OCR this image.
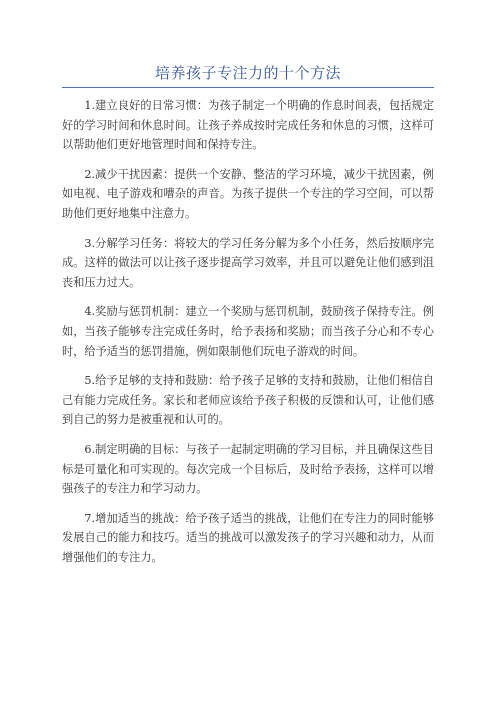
培养孩子专注力的十个方法

1.建立良好的日常习惯：为孩子制定一个明确的作息时间表，包括规定好的学习时间和休息时间。让孩子养成按时完成任务和休息的习惯，这样可以帮助他们更好地管理时间和保持专注。

2.减少干扰因素：提供一个安静、整洁的学习环境，减少干扰因素，例如电视、电子游戏和嘈杂的声音。为孩子提供一个专注的学习空间，可以帮助他们更好地集中注意力。

3.分解学习任务：将较大的学习任务分解为多个小任务，然后按顺序完成。这样的做法可以让孩子逐步提高学习效率，并且可以避免让他们感到沮丧和压力过大。

4.奖励与惩罚机制：建立一个奖励与惩罚机制，鼓励孩子保持专注。例如，当孩子能够专注完成任务时，给予表扬和奖励；而当孩子分心和不专心时，给予适当的惩罚措施，例如限制他们玩电子游戏的时间。

5.给予足够的支持和鼓励：给予孩子足够的支持和鼓励，让他们相信自己有能力完成任务。家长和老师应该给予孩子积极的反馈和认可，让他们感到自己的努力是被重视和认可的。

6.制定明确的目标：与孩子一起制定明确的学习目标，并且确保这些目标是可量化和可实现的。每次完成一个目标后，及时给予表扬，这样可以增强孩子的专注力和学习动力。

7.增加适当的挑战：给予孩子适当的挑战，让他们在专注力的同时能够发展自己的能力和技巧。适当的挑战可以激发孩子的学习兴趣和动力，从而增强他们的专注力。
